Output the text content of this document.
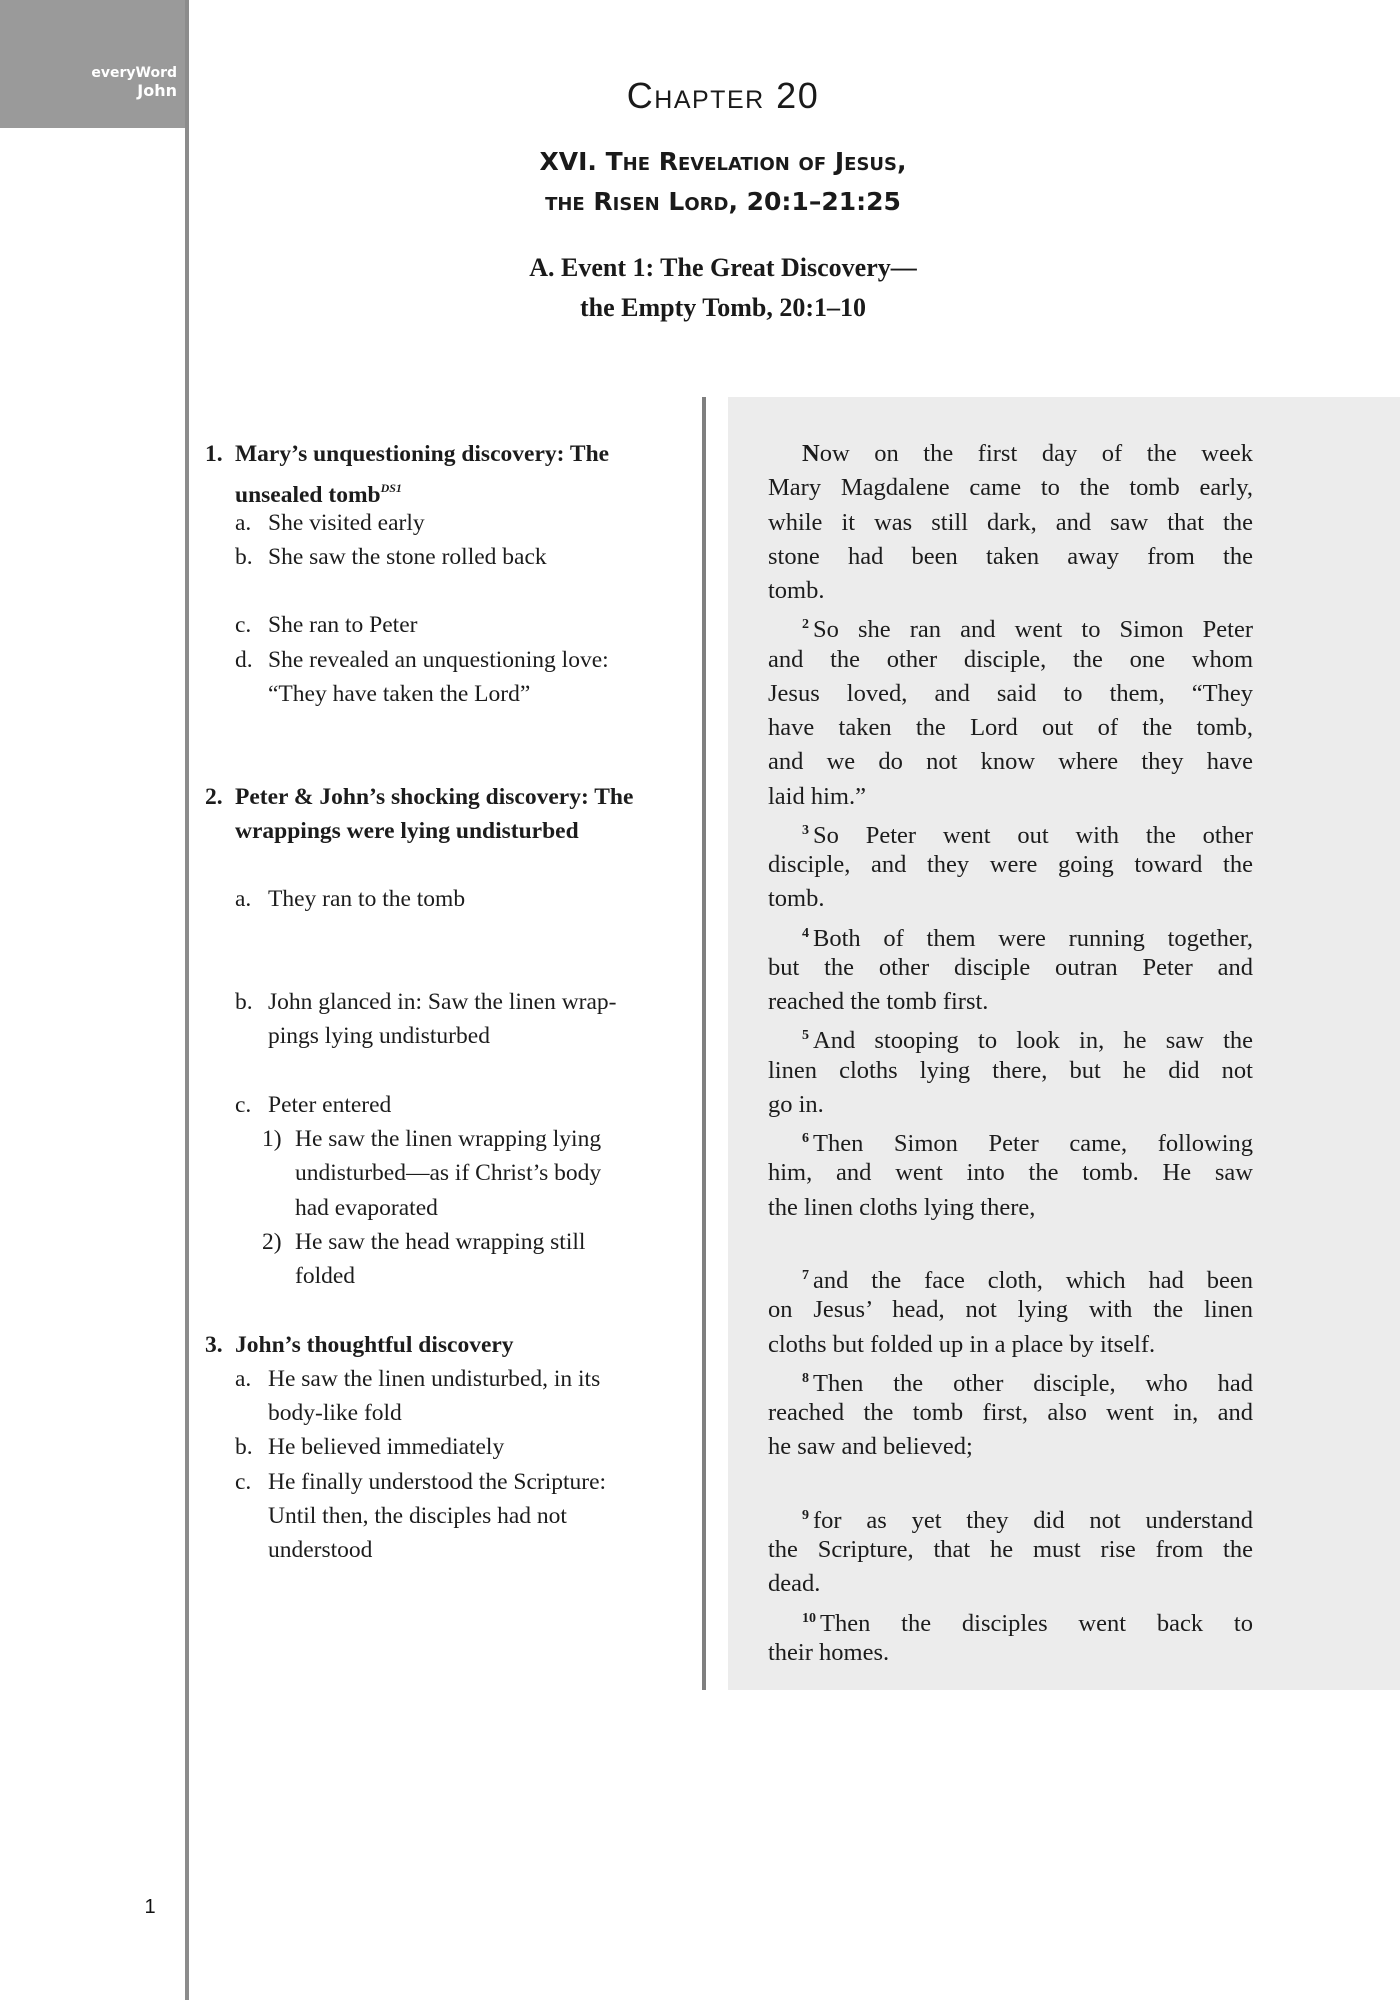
everyWord
John	Chapter 20
XVI. The Revelation of Jesus,
the Risen Lord, 20:1–21:25
A. Event 1: The Great Discovery—
the Empty Tomb, 20:1–10
1. Mary’s unquestioning discovery: The
unsealed tomb$^{DS1}$
a. She visited early
b. She saw the stone rolled back
c. She ran to Peter
d. She revealed an unquestioning love:
“They have taken the Lord”
2. Peter & John’s shocking discovery: The
wrappings were lying undisturbed
a. They ran to the tomb
b. John glanced in: Saw the linen wrap-
pings lying undisturbed
c. Peter entered
1) He saw the linen wrapping lying
undisturbed—as if Christ’s body
had evaporated
2) He saw the head wrapping still
folded
3. John’s thoughtful discovery
a. He saw the linen undisturbed, in its
body-like fold
b. He believed immediately
c. He finally understood the Scripture:
Until then, the disciples had not
understood
Now on the first day of the week
Mary Magdalene came to the tomb early,
while it was still dark, and saw that the
stone had been taken away from the
tomb.
$^2$ So she ran and went to Simon Peter
and the other disciple, the one whom
Jesus loved, and said to them, “They
have taken the Lord out of the tomb,
and we do not know where they have
laid him.”
$^3$ So Peter went out with the other
disciple, and they were going toward the
tomb.
$^4$ Both of them were running together,
but the other disciple outran Peter and
reached the tomb first.
$^5$ And stooping to look in, he saw the
linen cloths lying there, but he did not
go in.
$^6$ Then Simon Peter came, following
him, and went into the tomb. He saw
the linen cloths lying there,
$^7$ and the face cloth, which had been
on Jesus’ head, not lying with the linen
cloths but folded up in a place by itself.
$^8$ Then the other disciple, who had
reached the tomb first, also went in, and
he saw and believed;
$^9$ for as yet they did not understand
the Scripture, that he must rise from the
dead.
$^{10}$ Then the disciples went back to
their homes.
1
